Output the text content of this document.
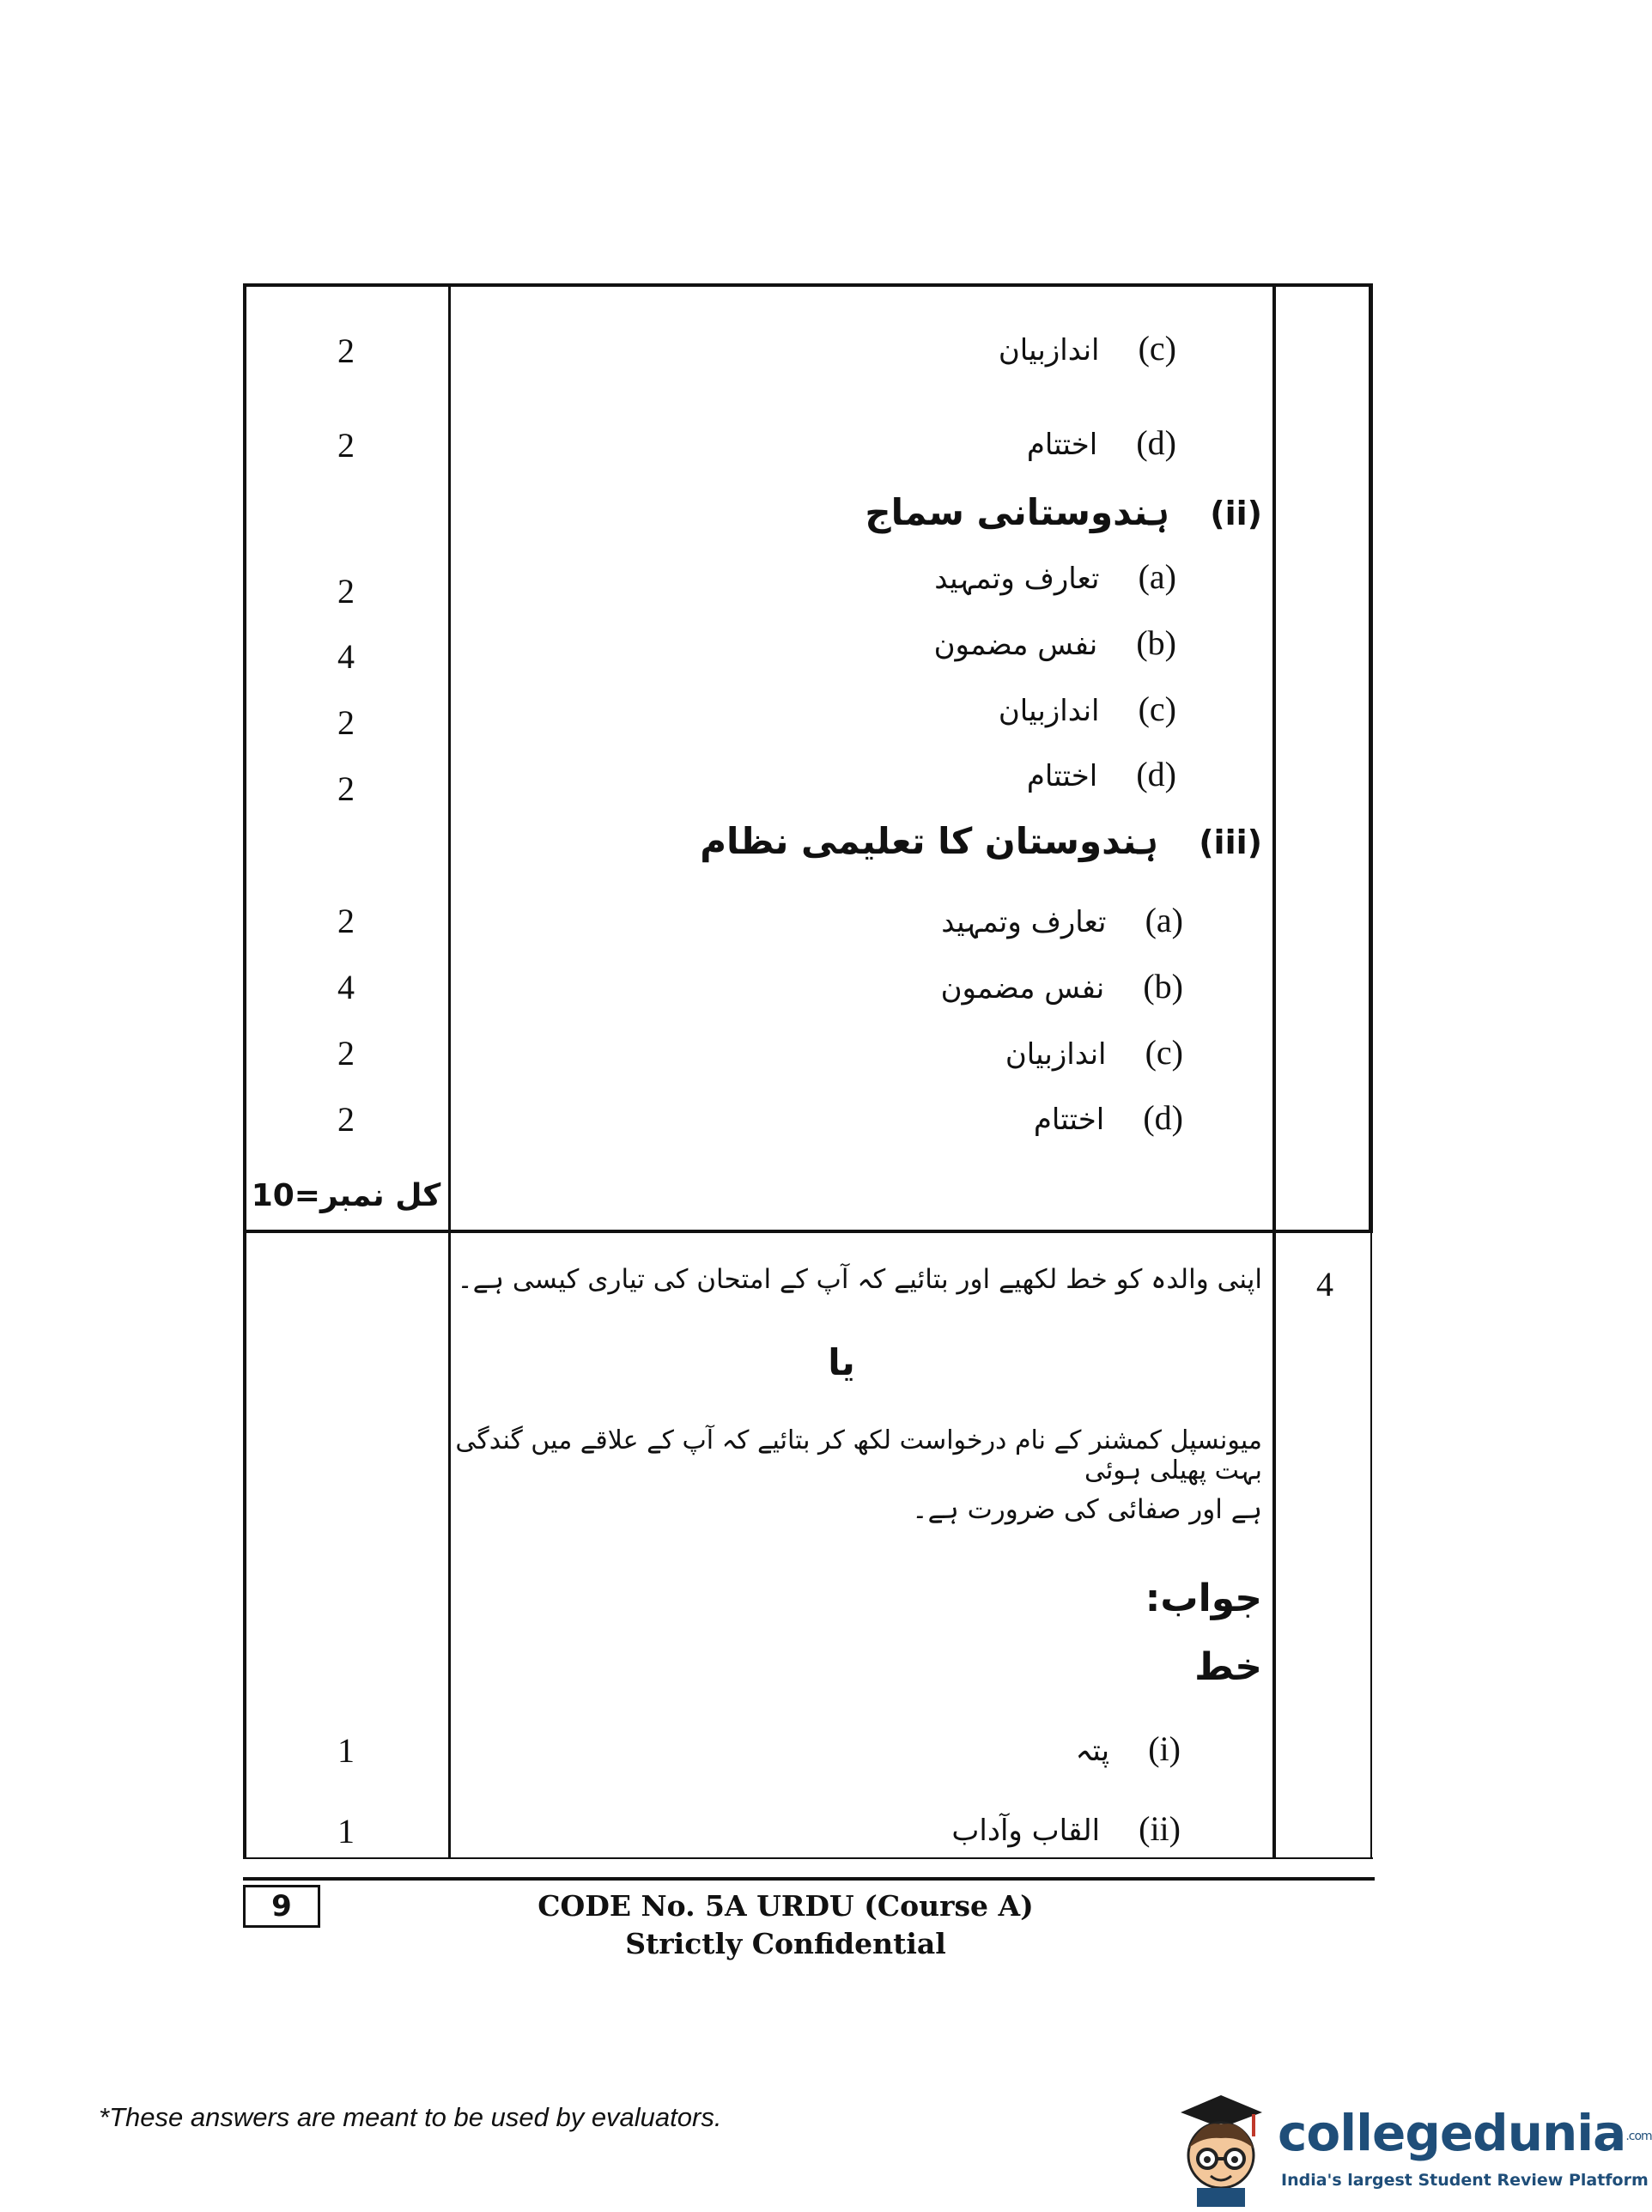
2
2
2
4
2
2
2
4
2
2
کل نمبر=10
1
1
(c) اندازبیان
(d) اختتام
(ii) ہندوستانی سماج
(a) تعارف وتمہید
(b) نفس مضمون
(c) اندازبیان
(d) اختتام
(iii) ہندوستان کا تعلیمی نظام
(a) تعارف وتمہید
(b) نفس مضمون
(c) اندازبیان
(d) اختتام
4
اپنی والدہ کو خط لکھیے اور بتائیے کہ آپ کے امتحان کی تیاری کیسی ہے۔
یا
میونسپل کمشنر کے نام درخواست لکھ کر بتائیے کہ آپ کے علاقے میں گندگی بہت پھیلی ہوئی
ہے اور صفائی کی ضرورت ہے۔
جواب:
خط
(i) پتہ
(ii) القاب وآداب
9	CODE No. 5A URDU (Course A)
Strictly Confidential
*These answers are meant to be used by evaluators.	collegedunia.com
India's largest Student Review Platform
